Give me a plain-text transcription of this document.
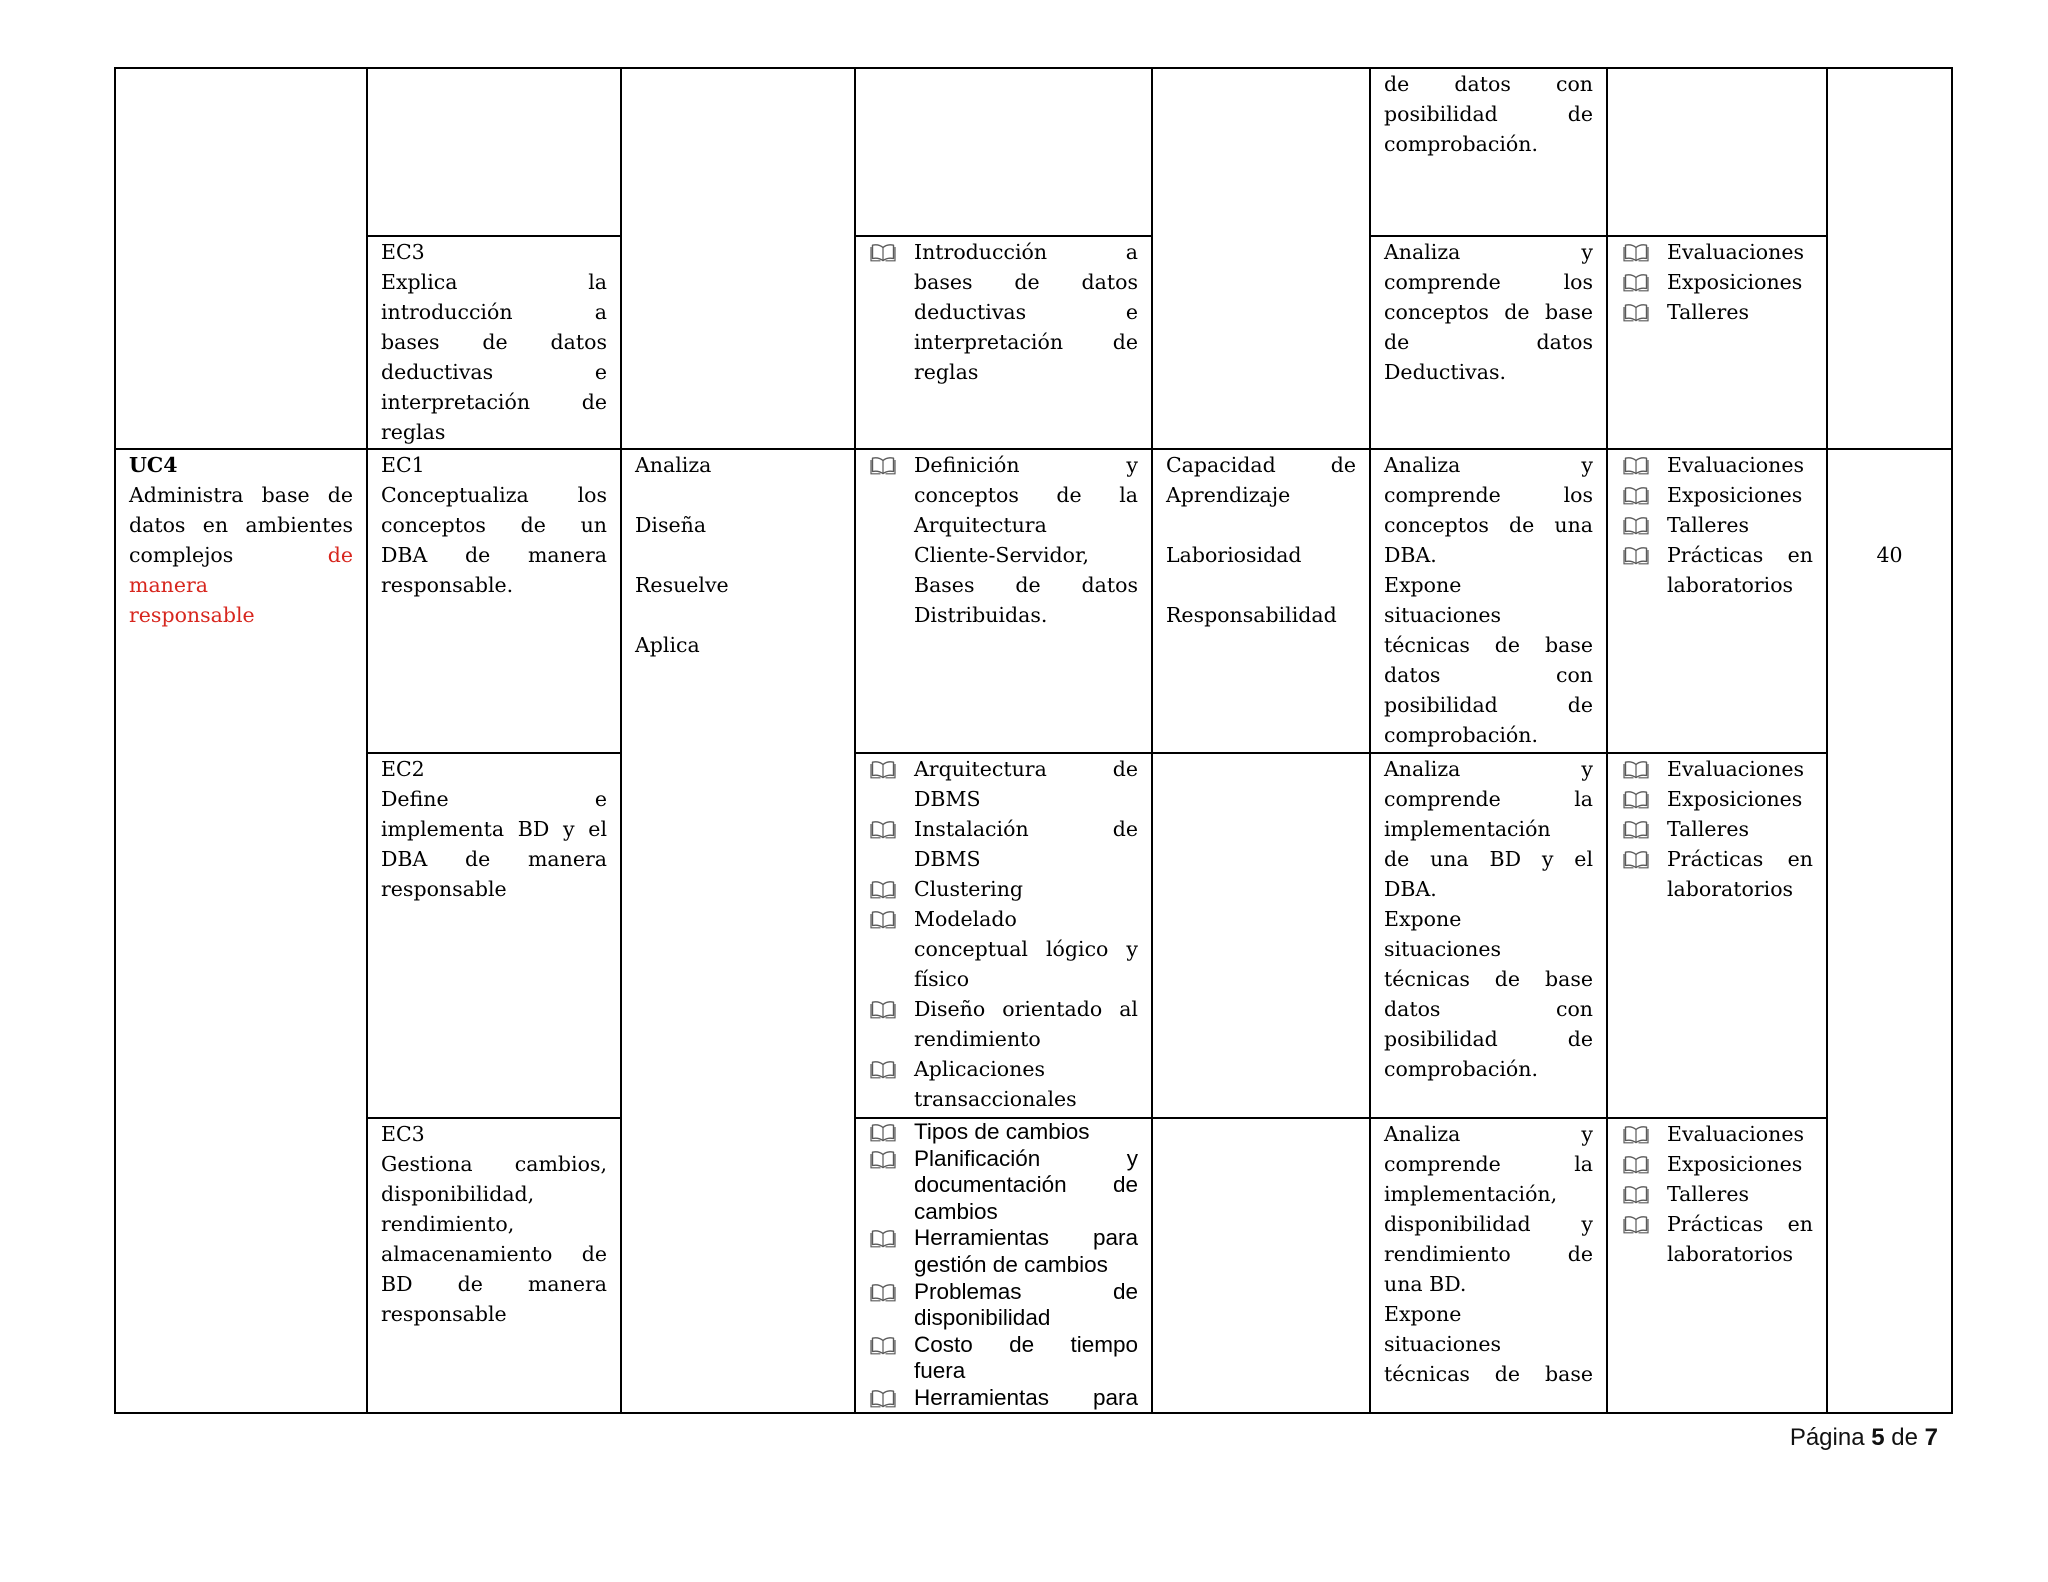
UC4
Administra base de
datos en ambientes
complejos	de
manera
responsable
EC3
Explica la
introducción a
bases de datos
deductivas e
interpretación de
reglas
EC1
Conceptualiza los
conceptos de un
DBA de manera
responsable.
EC2
Define e
implementa BD y el
DBA de manera
responsable
EC3
Gestiona cambios,
disponibilidad,
rendimiento,
almacenamiento de
BD de manera
responsable
Analiza
Diseña
Resuelve
Aplica
Introducción a
bases de datos
deductivas e
interpretación de
reglas
Definición y
conceptos de la
Arquitectura
Cliente-Servidor,
Bases de datos
Distribuidas.
Arquitectura de
DBMS
Instalación de
DBMS
Clustering
Modelado
conceptual lógico y
físico
Diseño orientado al
rendimiento
Aplicaciones
transaccionales
Tipos de cambios
Planificación y
documentación de
cambios
Herramientas para
gestión de cambios
Problemas de
disponibilidad
Costo de tiempo
fuera
Herramientas para
Capacidad de
Aprendizaje
Laboriosidad
Responsabilidad
de datos con
posibilidad de
comprobación.
Analiza y
comprende los
conceptos de base
de datos
Deductivas.
Analiza y
comprende los
conceptos de una
DBA.
Expone
situaciones
técnicas de base
datos con
posibilidad de
comprobación.
Analiza y
comprende la
implementación
de una BD y el
DBA.
Expone
situaciones
técnicas de base
datos con
posibilidad de
comprobación.
Analiza y
comprende la
implementación,
disponibilidad y
rendimiento de
una BD.
Expone
situaciones
técnicas de base
Evaluaciones
Exposiciones
Talleres
Evaluaciones
Exposiciones
Talleres
Prácticas en
laboratorios
Evaluaciones
Exposiciones
Talleres
Prácticas en
laboratorios
Evaluaciones
Exposiciones
Talleres
Prácticas en
laboratorios
40
Página 5 de 7
